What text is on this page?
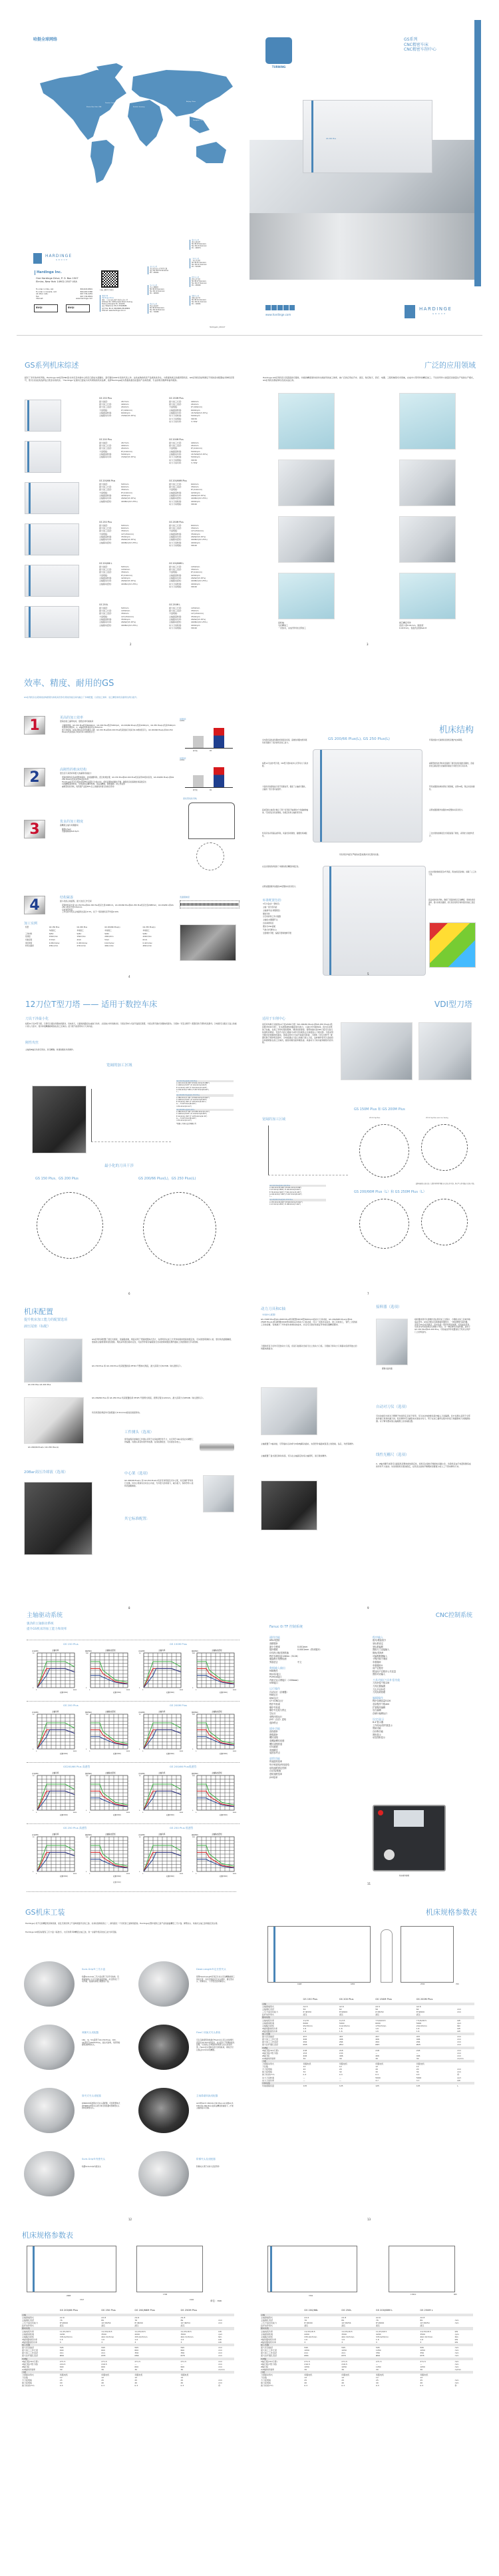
哈挺全球网络
Elmira, New York, USA
Toronto, Canada
St. Gallen, Switzerland
Krefeld, Germany
Shanghai, China
Beijing, China
Taipei, Taiwan
TURNING
GS系列
CNC精密车床
CNC精密车削中心
GS 200 Plus
HARDINGE
GROUP
Hardinge Inc.
One Hardinge Drive, P. O. Box 1507
Elmira, New York 14902-1507 USA
To order in USA, call:	800-843-8801
To order in Canada, call:	800-263-5380
All other calls:	607-734-2281
Fax:	607-734-8819
Internet:	www.hardinge.com
BVQI	BVQI
扫描二维码关注我们
哈挺中国
Hardinge China
地址：上海市浦东新区金桥出口加工区
Address: No. 1000 Jinqiao Road, Pudong
Pudong Shanghai P.C.:201206
电话 Telephone: 86 21 38108686
传真 Fax: 86 21 38108681/38108682
Internet: www.hardinge.com.cn
山东分公司
山东省济南市市中区经七路
电话 Tel: 86 531 8xxxxxxx
P.C.: 250001
北京分公司
北京市朝阳区
Tel: 86 10 6xxxxxxx
Fax: 86 10 6xxxxxxx
P.C.: 100004
西安分公司
西安市高新区
Tel: 86 29 8xxxxxxx
Fax: 86 29 8xxxxxxx
P.C.: 710065
重庆分公司
重庆市渝北区
Tel: 86 23 6xxxxxxx
Fax: 86 23 6xxxxxxx
P.C.: 400074
广州分公司
广州市天河区
Tel: 86 20 3xxxxxxx
Fax: 86 20 3xxxxxxx
P.C.: 510150
武汉分公司
武汉市江汉区
Tel: 86 27 8xxxxxxx
Fax: 86 27 8xxxxxxx
P.C.: 430000
沈阳分公司
沈阳市和平区
Tel: 86 24 2xxxxxxx
Fax: 86 24 2xxxxxxx
P.C.: 110001
HardingeInc_2016.07
www.hardinge.com
HARDINGE
GROUP
GS系列机床综述
经历了多年的市场考验，Hardinge GS系列CNC卧式车床及车削中心机床已经成为高刚性、高可靠性CNC车床的代表之作。这些成熟的机床产品极具性价比，为您提供真正的通用型机床。GS系列机床能够满足不同的需求配置成多种机床型号，您可以轻松的选择适合您需求的机床。“Hardinge”在国内已经成为众所周知的机床品牌，选择Hardinge能为您提供最佳质量的产品和迅捷、专业的机床维修和备件服务。
GS 150 Plus
最大旋径:	457mm
最大加工长度:	406mm
最大加工直径:	264mm
卡盘规格:	6"(169mm)
主轴最高转速:	6000rpm
主轴驱动功率:	15kW(S3 25%)
GS 150M Plus
最大加工长度:	406mm
最大加工直径:	264mm
卡盘规格:	6"(169mm)
主轴最高转速:	6000rpm
主轴驱动功率:	18.5kW(S3 25%)
动力刀具转速:	5000rpm
动力刀具规格:	VDI30
动力刀具功率:	3.7kW
GS 200 Plus
最大旋径:	457mm
最大加工长度:	406mm
最大加工直径:	264mm
卡盘规格:	8"(210mm)
主轴最高转速:	5000rpm
主轴驱动功率:	15kW(S3 25%)
GS 200M Plus
最大加工长度:	406mm
最大加工直径:	264mm
卡盘规格:	8"(210mm)
主轴最高转速:	5000rpm
主轴驱动功率:	18.5kW(S3 25%)
动力刀具转速:	5000rpm
动力刀具规格:	VDI30
动力刀具功率:	3.7kW
GS 200/66 Plus
最大旋径:	595mm
最大加工长度:	600mm
最大加工直径:	356mm
卡盘规格:	8"(210mm)
主轴最高转速:	4200rpm
主轴驱动功率:	26kW(S3 25%)
主轴驱动扭矩:	409Nm(S3 25%)
GS 200/66M Plus
最大加工长度:	600mm
最大加工直径:	356mm
卡盘规格:	8"(210mm)
主轴最高转速:	4200rpm
主轴驱动功率:	26kW(S3 25%)
主轴驱动扭矩:	409Nm(S3 25%)
动力刀具转速:	4000rpm
动力刀具规格:	VDI40
GS 250 Plus
最大旋径:	595mm
最大加工长度:	600mm
最大加工直径:	356mm
卡盘规格:	10"(254mm)
主轴最高转速:	3500rpm
主轴驱动功率:	26kW(S3 25%)
主轴驱动扭矩:	490Nm(S3 25%)
GS 250M Plus
最大加工长度:	600mm
最大加工直径:	356mm
卡盘规格:	10"(254mm)
主轴最高转速:	3500rpm
主轴驱动功率:	26kW(S3 25%)
主轴驱动扭矩:	490Nm(S3 25%)
动力刀具转速:	4000rpm
动力刀具规格:	VDI40
GS 200/66 L
最大旋径:	595mm
最大加工长度:	1050mm
最大加工直径:	356mm
卡盘规格:	8"(210mm)
主轴最高转速:	4200rpm
主轴驱动功率:	26kW(S3 25%)
主轴驱动扭矩:	409Nm(S3 25%)
GS 200/66M L
最大加工长度:	1050mm
最大加工直径:	356mm
卡盘规格:	8"(210mm)
主轴最高转速:	4200rpm
主轴驱动功率:	26kW(S3 25%)
主轴驱动扭矩:	409Nm(S3 25%)
动力刀具转速:	4000rpm
动力刀具规格:	VDI40
GS 250L
最大旋径:	595mm
最大加工长度:	1050mm
最大加工直径:	356mm
卡盘规格:	10"(254mm)
主轴最高转速:	3500rpm
主轴驱动功率:	26kW(S3 25%)
主轴驱动扭矩:	490Nm(S3 25%)
GS 250M L
最大加工长度:	1050mm
最大加工直径:	356mm
卡盘规格:	10"(254mm)
主轴最高转速:	3500rpm
主轴驱动功率:	26kW(S3 25%)
主轴驱动扭矩:	490Nm(S3 25%)
动力刀具转速:	4000rpm
动力刀具规格:	VDI40
2
广泛的应用领域
Hardinge GS系列机床以其超高的可靠性、持续的精度保持性和出类拔萃的加工效率，被广泛的应用在汽车、液压、航空航天、医疗、电器、工程机械等众多领域，完成中小型零件的精密加工。不论是零件小批量还是批量生产线的生产模式，GS系列机床都能够出色的完成任务。
齿轮轴
毛坯精加工
一次装夹，完成零件的全部加工
阀芯精密零件
直径公差0.01mm，圆柱度
0.015mm，表面光洁度Ra0.8
3
效率、精度、耐用的GS
GS系列机床在紧凑的结构框架内和极具竞争优势的价格区间内融合了多种配置，以使加工效率、加工精度和机床耐用性得以提升。
1	更高的加工效率
更快的加工循环时间，更低的非切削时间
主轴转速高，GS 150 Plus机床6000rpm，GS 200 Plus机床5000rpm，GS 200/66 Plus(L)机床4200rpm，GS 250 Plus(L)机床3500rpm
快速移动速度快，X、Z轴的快移速度均达30m/min
换刀速度快，GS系列机床采用伺服式刀塔，GS 150 Plus和GS 200 Plus机床的换刀时间为0.09秒(相邻刀)，GS 200/66 Plus(L)和GS 250 Plus(L)机床的换刀时间为0.10秒(相邻刀)
2	高刚性的机床结构
更长的刀具寿命和更大的重载切削能力
更高的刚性床身采用整体铸铁，优质耐磨铸铁，经过时效处理，GS 150 Plus和GS 200 Plus机床采用45度斜床身，GS 200/66 Plus(L)和GS 250 Plus(L)机床采用30度斜床身
Hardinge在设计过程中使用FEA(有限元分析)技术，使机床整体的刚性平衡，确保机床的高刚性和高稳定性
C2级精度滚珠丝杠，带预紧的双螺母结构，保证高精度，降低磨损，防止热变形
重载型线性导轨，较普通产品高30%以上的刚性和更长的机床寿命
3	优良的加工精度
高精度主轴与伺服驱动
圆度0.5μm
表面粗糙度Ra0.2μm
4	结构紧凑
最小化的占地面积，最大化的工作空间
紧凑的机床长度 GS 150 Plus和GS 200 Plus机床长度1998mm，GS 200/66 Plus和GS 250 Plus机床长度2988mm，GS 200/66 L和GS 250 L机床长度3792mm
空间利用率高
工作空间与机床占地面积比高达3.5%，优于一般同类机床平均值2.94%
切削率
cc/min
同类机	GS
切削率
cc/min
同类机	GS
滚柱型线性导轨
表面粗糙度
加工实例
机型	GS 150 Plus	GS 200 Plus	GS 200/66 Plus(L)	GS 250 Plus(L)
	车削加工	车削加工	车削加工	车削加工
工件材料	S45C	S45C	S45C	S45C
线速度	150m/min	150m/min	200m/min	200m/min
切削深度	3.5mm	4mm	5mm	6mm
进给速度	0.45mm/rev	0.45mm/rev	0.4mm/rev	0.4mm/rev
材料去除率	236cc/min	270cc/min	400cc/min	480cc/min
4
机床结构
GS 200/66 Plus(L), GS 250 Plus(L)
全内置式高性能伺服电机和驱动系统，高效的伺服电机和驱动系统提供了优异的机床加工能力。
标配12刀位的T型刀塔，VDI型刀塔车削中心可带动力刀具选配。
卡盘尾式的超性能刀塔不需要皮带，提高了主轴的可靠性，主轴的一致分度功能提升。
高质量的主轴设计融合了两个双列滚子轴承和2个角接触球轴承，可以保证出色的刚性，热稳定性和主轴使用寿命。
机床床身采用高品质铸铁，具备优异的刚性、耐磨性和减振性。
环保的集中式润滑系统使机床维护成本降低。
重载型的线性导轨系统提供了最优化的抗振性和刚性，直接的优点就是更大的重载切削能力和更长的刀具寿命。
带有加强筋结构的铸铁刀塔滑板，采用C2级，保证出色的刚性。
采用加强筋额外加强的30度整体斜床身设计。
三全封闭的控制液压式尾座提高了刚性，采用较大的结构设计。
所有机床均经过严格的质量检测并进行激光校准。
完全封闭的防护提供了卓越的机床精度和稳定性。
采用加强筋额外加强的45度整体斜床身设计。
完全封闭控制的液压4号尾座，简洁的液压控制，消除了人工的干预。
高品质的线性导轨，确保了更高的机床定位精度，更快的进给速率，更小的机床磨损，延长机床使用寿命和更好的加工稳定性。
标准配置包括:
3爪卡盘(含一套软爪)
主轴一度分度功能
主轴参考点(伺服锁定)
刚性攻丝
运行时间和工件计数器
主轴松/夹脚踏开关
自动润滑系统
摆动式CNC面板
气枪(含切屑吹头)
全套操作手册、编程手册和维修手册
5
12刀位T型刀塔 —— 适用于数控车床
刀具干涉最小化
标配12刀位T型刀塔，刀塔可以通过伺服电机驱动，双向选刀，以最短的路径完成换刀动作，从而减少非切削时间。刀塔采用3片式鼠牙盘液压锁紧，分度采用无刷式伺服电机驱动。刀塔体（可安全断开）配置有助于预防机床损坏。冷却液可以通过刀盘上的端口进入刀座中，使冷却液精确的喷射在加工区域内。此刀塔不能使用动力刀具功能。
刚性攻丝
主轴和Z轴运动进行同步，进行精确、快速的刚性攻丝操作。
宽阔的加工区域
GS 150 Plus和GS 200 Plus
A 102.2mm(4.026") B 402.2mm(15.986")
C 100mm(3.937") D 102.0mm(4.016")
E 11.0mm(.433") F 341.0mm(13.425")
G 192.0mm(7.565") H 207.5mm(8.169")
I —
GS 200/66 Plus和GS 250 Plus
A 186.0mm(7.341") B 600.0mm(23.622")
C 100mm(3.937") D 210.5mm(8.287")
E 10.0mm(.393") F 125.0mm(4.921")
G — H 207.5mm(8.169")
I 231.2mm(9.114")
GS 200/66 L和GS 250 L
A 186.0mm(7.341") B 1050.0mm(41.34")
C 100mm(3.937") D 210.5mm(8.287")
E 10.0mm(.393") F 1075.0mm(42.32")
G — H 207.5mm(8.169")
I 231.2mm(9.114")
*根据刀具伸出长度调整行程
最小化的刀具干涉
GS 150 Plus、GS 200 Plus	GS 200/66 Plus(L)，GS 250 Plus(L)
6
VDI型刀塔
适用于车削中心
具有双向换刀功能的12刀位VDI30刀塔（GS 200/66 Plus(L)和GS 250 Plus(L)机床配VDI40刀塔），可以按照最短的路径进行换刀，以减少非切削时间。因为有足够的刀位数，在加工零件时更加简单，调试时间更短。使用快换式的VDI刀座可以进行快速机床调试。无抬升式的刀塔换刀动作可有效防止冷却液进入刀塔内部。分度采用无刷式的伺服电机驱动，锁紧采用3片式鼠牙盘液压锁紧。刀塔体（可安全断开）配置有助于预防机床损坏。冷却液通过刀盘上的端口进入刀座，这样操作者可以直接将冷却液喷射在加工区域内，提高切削性能和刚性能。具备动力刀具功能和刚性攻丝功能。
宽阔的加工区域
GS 150 Plus和GS 200 Plus
A 102.2mm(4.026") B 402.2mm(15.86")
C 47.0mm(1.850") D 102.0mm(4.016")
E 76.0mm(2.992") F 341.0mm(13.425")
G 192.0mm(7.565") H 207.5mm(8.169")
I —
GS 200/66 Plus和GS 250 Plus
A 176.0mm(6.929") B 600.0mm(23.622")
C 47.0mm(1.850") D 188.0mm(7.402")
GS 150M Plus 和 GS 200M Plus
VDI 30 Top Plate	VDI 30 Top Plate with Live Tooling
此种布局的刀塔在加工大直径零件时不要有多余的刀位干涉，但有些刀位可能存在潜在干涉。
GS 200/66M Plus（L）和 GS 250M Plus（L）
7
机床配置
提升机床加工能力的配置选项
液压尾座（标配）
GS 150 Plus GS 200 Plus
GS系列机床配置了液压式尾座，可编程控制，尾座采用了坚固的整体式设计，在使用顶尖加工长零件时提供更高的稳定性，可实现更紧凑的公差、更好的表面粗糙度、更高的主轴转速和进给速度。尾座采用液压驱动定位，可由零件程序编程进行自动控制或通过操作面板上的按键进行手动控制。
GS 150 Plus 和 GS 200 Plus 机床配置的是 MT#4 号整体式尾座，最大顶紧力为3470N（如左图所示）。
GS 200/66 Plus(L) GS 250 Plus(L)
GS 200/66 Plus 和 GS 250 Plus 机床配置的是 MT#5 号套筒式尾座，套筒行程为120mm，最大顶紧力为9354N（如左图所示）。
所有机型的尾座均可按照最大5.5m/min的进给速度移动。
工件测头（选项）
使用由程序控制的工件测头可用于在线检测零件尺寸，也可用于CNC系统自动调整工件偏置。该测头具有快速零件检测、在线检测报告，可实现自动加工。
20Bar高压冷却液（选项）	中心架（选项）
GS 200/66 Plus(L) 和 GS 250 Plus(L)机床可选用液压式中心架，对长细杆零件进行支撑。该中心架具有自动定心功能，允许更大的切削力，减少振刀，保持零件公差和表面粗糙度。
其它标准配置:
8
动力刀具和C轴
（车削中心配置）
GS 150M Plus和GS 200M Plus机床配置VDI30型5000rpm的动力刀具功能，GS 200/66M Plus(L)和GS 250M Plus(L)机床配置VDI40型4000rpm的动力刀具功能，可以一次装夹完成车、铣工序的加工，替代二次铣削工序的需要，有效减少了零件装夹和调试的成本，并且可以更好的保证零件的位置精度要求。
刀塔的所有刀位均可安装动力刀座，但是只能驱动当前刀位上的动力刀座。刀塔换刀和动力刀具驱动各使用独立的伺服电机驱动。
主轴配置了C轴功能，可带插补运动或与X或Z轴联动插补，实现零件端面或直径上的铣削、钻孔、攻丝等操作。
主轴配置了盘式液压制动系统，可以在主轴固定时将主轴锁死，进行铣削操作。
接料器（选项）
摆臂式接料器
接料器选项可以使操作者在机床加工过程中，方便的从加工区域外取成品零件。GS系列机床有两种接料器形式，一种是摆臂式接料器，适用于GS全系列机床，其中包括一套零件传送装置，可将成品零件从机床内传送到机床右侧的下料区；另一种是弹出式接料器，适用于GS 150 Plus和GS 200 Plus，可将成品零件放置到位于机床主防护门上的料盘内。
自动对刀仪（选项）
可自动收回式的对刀臂便于快速设定且易于使用，可以自动向控制系统内输入刀具偏置。四方位测头适用于全部的外圆刀具和内圆刀具。机床操作可以编程来实现自动对刀，用于在加工循环过程中补偿刀具磨损或刀具破损检测。对刀臂可摆动到主轴箱壁上的存储位置。
线性光栅尺（选项）
X、Z轴光栅尺选项可以提高机床整体的热稳定性，将机床达到热平衡的时间最小化，改善机床由于热量积聚造成的零件尺寸波动。该选项使机床更加稳定，在机床达到热平衡期间需要更少的人工干预来修改刀补。
9
主轴驱动系统
强劲的主轴驱动系统
提升GS机床的加工能力和效率
GS 150 Plus	GS 150M Plus
主轴功率
转速(r/min)
功率(kW)
0	6000
0
20
主轴输出扭矩
转速(r/min)
扭矩(Nm)
0	6000
0
200
主轴功率
转速(r/min)
功率(kW)
0	6000
0
20
主轴输出扭矩
转速(r/min)
扭矩(Nm)
0	6000
0
200
GS 200 Plus	GS 200M Plus
主轴功率
转速(r/min)
功率(kW)
0	6000
0
20
主轴输出扭矩
转速(r/min)
扭矩(Nm)
0	6000
0
200
主轴功率
转速(r/min)
功率(kW)
0	6000
0
20
主轴输出扭矩
转速(r/min)
扭矩(Nm)
0	6000
0
200
GS200/66 Plus 高速挡	GS 200/66 Plus低速挡
主轴功率
转速(r/min)
功率(kW)
0	6000
0
20
主轴输出扭矩
转速(r/min)
扭矩(Nm)
0	6000
0
200
主轴功率
转速(r/min)
功率(kW)
0	6000
0
20
主轴输出扭矩
转速(r/min)
扭矩(Nm)
0	6000
0
200
GS 250 Plus 高速挡	GS 250 Plus 低速挡
主轴功率
转速(r/min)
功率(kW)
0	6000
0
20
主轴输出扭矩
转速(r/min)
扭矩(Nm)
0	6000
0
200
主轴功率
转速(r/min)
功率(kW)
0	6000
0
20
主轴输出扭矩
转速(r/min)
扭矩(Nm)
0	6000
0
200
转速(r/min)
CNC控制系统
Fanuc 0i TF 控制系统
通用功能
HRV3控制
高精插补
最小分辨率	0.001mm
插补精度	0.0001mm（纳米插补）
G代码公制/英制转换
程序存储容量1280m（512K）
硬盘断行报警检测
界面语言	中文
数据输入输出
MDI操作
RS232接口
PCMCIA接口
内嵌式以太网接口（100base）
USB接口
运行操作
自动运行（存储器）
MDI运行
DNC运行
CF卡DNC运行
程序号检索
顺序号检索
顺序号比较与停止
空运行
单程序段运行
JOG（点动）进给
选择停止
插补功能
直线插补
圆弧插补
螺纹切削
变螺距螺纹切削
螺纹切削回退
G31跳跃
高速跳过
返回参考点
进给功能
快速进给倍率
每分钟进给/每转进给
切线速度固定控制
自动加/减速
进给速度倍率
JOG倍率
程序输入
绝对/增量指令
坐标系设定
坐标系偏移
图纸尺寸直接输入
倒角/拐角R
可编程数据输入
子程序和子调用
车削循环
车削循环II
用户宏程序
附加用户宏程序公共变量
图形对话输入
刀具功能/刀具补偿功能
刀具补偿个数128
刀具位置偏置
刀尖半径补偿
刀具寿命管理
编辑操作
程序存储容量512K
登录程序个数400
扩展程序编辑
后台编辑
存储卡编辑运行
设定/显示
8.4"显示器
工作时间/零件数显示
帮助功能
自诊断功能
图形显示
动态图形显示
机床操作面板
11
GS机床工装
Hardinge公司不仅是精密机床制造商，而且还是世界上产品种类最齐全的工装、夹具系统制造商之一，拥有超过一个世纪的工装制造经验。Hardinge完整丰富的工装产品线涵盖精密三爪卡盘、弹簧夹头、快换式主轴工装和固定顶尖等。
Hardinge GS机床标配有三爪卡盘（标准式），也可选用多种精密主轴工装，进一步提升机床的加工能力和范围。
Sure-Grip®三爪卡盘
哈挺Sure-Grip三爪卡盘采用了杠杆式结构，有效消除离心力对卡盘性能的影响，并全部进行了动平衡，是高转速场合理想的产品。
Dead-Length®定长型夹头
使用Dead-Length系列定长夹头可以精确控制工件的长度，该系列包括定长夹头组件，通孔型夹头、阶梯夹头、十字型定位阶梯夹头。
弹簧夹头适配器
16C、3J、5C(适用于GS 150 Plus)，16C、3J(适用于GS200 Plus)，拉拉式结构，可使用哈挺标准弹簧夹头。
FlexC 快换式夹头系统
可以互换使用的快换式FlexC夹头可以夹持棒料直径在±0.5mm的变动，夹头经过了特殊的硫化处理，可以防止冷却液和切屑进入夹头系统内部。FlexC夹头更换仅需几秒的时间，同时还可以保证0.01mm的精度。
筒夹式夹头适配器
DIN6343标准筒夹式夹头适配器，可使用整体式的DIN6343型夹头或分体式的哈挺S型弹簧夹头的S型弹簧夹头。
主轴鼻端转换适配器
A2-5转A2-5 16C(GS 150 Plus) A2-6转A2-5 16C(GS 200 Plus)在保证精度的前提下，扩展主轴的接口范围。
Sure-Grip®内涨夹头
哈挺Sure-Grip内涨夹头
阶梯夹头及适配器
阶梯夹头用于夹持大直径零件
12
机床规格参数表
1998	1830	2536	700
	GS 150 Plus	GS 200 Plus	GS 150M Plus	GS 200M Plus	
主轴					
主轴鼻端形式	A2-5	A2-6	A2-5	A2-6	
主轴通孔直径	56	62	56	62	mm
三爪卡盘夹持能力	6"/Ø150	8"/Ø200	6"/Ø150	8"/Ø200	mm
拉杆动作形式	液压	液压	液压	液压	
驱动系统					
主轴电机功率	11/15	11/15	7.5/9/18.5	7.5/9/18.5	kW
主轴最高转速	6000	5000	6000	5000	rpm
主轴输出扭矩	95/15min	114/15min	175/15min	210/15min	Nm
X轴伺服电机功率	1.6	1.6	1.6	1.6	kW
Z轴伺服电机功率	1.6	1.6	1.6	1.6	kW
加工范围					
最大床身旋径	457	457	457	457	mm
最大加工工件长度	406	406	406	406	mm
最大加工工件直径	264	264	264	264	mm
最大拉杆通孔直径	Ø45	Ø52	Ø45	Ø45	mm
X/Z轴					
X轴行程(VDI刀塔)	218	218	218	218	mm
X轴行程(T型刀塔)	153	153	—	—	mm
Z轴行程	406	406	406	406	mm
X/Z轴快移速率	30	30	30	30	m/min
刀塔					
刀塔驱动形式	伺服电机	伺服电机	伺服电机	伺服电机	
刀位数	12	12	12	12	
方刀座规格	20	20	20	20	mm
镗刀座规格	32	32	32	32	mm
换刀时间(T-T)	0.3	0.3	0.3	0.3	秒
动力刀具转速	—	—	5000	5000	rpm
动力刀具功率	—	—	3.7	3.7	kW
冷却系统					
切削液箱容量	125	125	125	125	L
13
机床规格参数表
2988
3747
1796
1500	单位：mm
	GS 200/66 Plus	GS 250 Plus	GS 200/66M Plus	GS 250M Plus	
主轴					
主轴鼻端形式	A2-6	A2-8	A2-6	A2-8	
主轴通孔直径	76	89	76	89	mm
三爪卡盘夹持能力	8"/Ø200	10"/Ø254	8"/Ø200	10"/Ø254	mm
拉杆动作形式	液压	液压	液压	液压	
驱动系统					
主轴电机功率	11/15/18.5	11/15/18.5	11/15/18.5	11/15/18.5	kW
主轴最高转速	4200	3500	4200	3500	rpm
主轴输出扭矩	335.6/15min	402.3/15min	335.6/15min	402.3/15min	Nm
X轴伺服电机功率	1.6	1.6	1.6	1.6	kW
Z轴伺服电机功率	3	3	3	3	kW
加工范围					
最大床身旋径	595	595	595	595	mm
最大加工工件长度	600	600	600	600	mm
最大加工工件直径	411	411	356	356	mm
最大拉杆通孔直径	Ø66	Ø78	Ø66	Ø78	mm
X/Z轴					
X轴行程(VDI刀塔)	271.5	271.5	271.5	271.5	mm
X轴行程(T型刀塔)	216.5	216.5	—	—	mm
Z轴行程	600	600	600	600	mm
X/Z轴快移速率	30	30	30	30	m/min
刀塔					
刀塔驱动形式	伺服电机	伺服电机	伺服电机	伺服电机	
刀位数	12	12	12	12	
方刀座规格	25	25	25	25	mm
镗刀座规格	40	40	40	40	mm
换刀时间(T-T)	0.3	0.3	0.3	0.3	秒
3792
1796.2	900
	GS 200/66L	GS 250L	GS 200/66M L	GS 250M L	
主轴					
主轴鼻端形式	A2-6	A2-8	A2-6	A2-8	
主轴通孔直径	76	89	76	89	mm
三爪卡盘夹持能力	8"/Ø200	10"/Ø254	8"/Ø200	10"/Ø254	mm
拉杆动作形式	液压	液压	液压	液压	
驱动系统					
主轴电机功率	11/15/18.5	11/15/18.5	11/15/18.5	11/15/18.5	kW
主轴最高转速	4200	3500	4200	3500	rpm
主轴输出扭矩	335.6/15min	402.3/15min	335.6/15min	402.3/15min	Nm
X轴伺服电机功率	1.6	1.6	1.6	1.6	kW
Z轴伺服电机功率	3	3	3	3	kW
加工范围					
最大床身旋径	595	595	595	595	mm
最大加工工件长度	1050	1050	1050	1050	mm
最大加工工件直径	411	411	356	356	mm
最大拉杆通孔直径	Ø66	Ø78	Ø66	Ø78	mm
X/Z轴					
X轴行程(VDI刀塔)	271.5	271.5	271.5	271.5	mm
X轴行程(T型刀塔)	216.5	216.5	—	—	mm
Z轴行程	1050	1050	1050	1050	mm
X/Z轴快移速率	30	30	30	30	m/min
刀塔					
刀塔驱动形式	伺服电机	伺服电机	伺服电机	伺服电机	
刀位数	12	12	12	12	
方刀座规格	25	25	25	25	mm
镗刀座规格	40	40	40	40	mm
换刀时间(T-T)	0.3	0.3	0.3	0.3	秒
